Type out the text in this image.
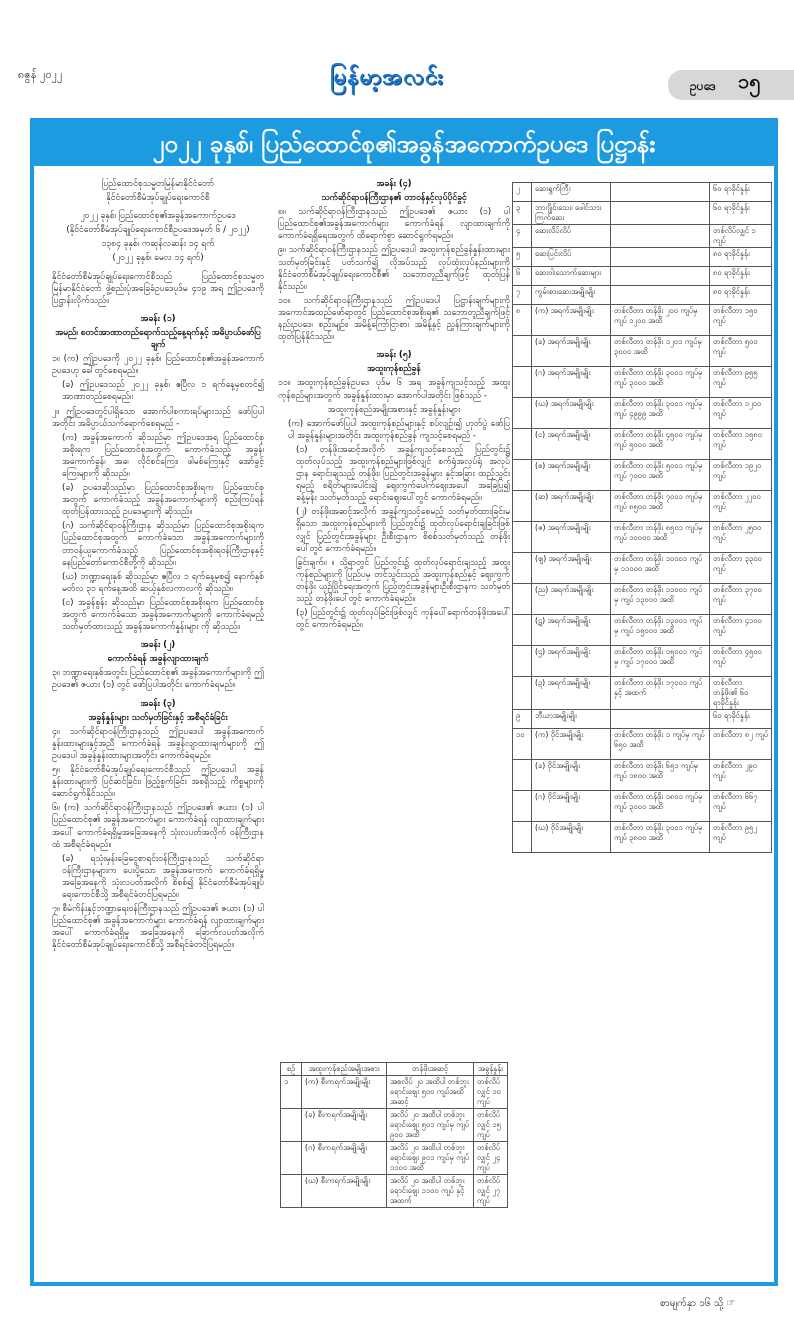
၈ဇွန် ၂၀၂၂	မြန်မာ့အလင်း	ဥပဒေ ၁၅
၂၀၂၂ ခုနှစ်၊ ပြည်ထောင်စု၏အခွန်အကောက်ဥပဒေ ပြဋ္ဌာန်း

ပြည်ထောင်စုသမ္မတမြန်မာနိုင်ငံတော်

နိုင်ငံတော်စီမံအုပ်ချုပ်ရေးကောင်စီ

၂၀၂၂ ခုနှစ်၊ ပြည်ထောင်စု၏အခွန်အကောက်ဥပဒေ

(နိုင်ငံတော်စီမံအုပ်ချုပ်ရေးကောင်စီဥပဒေအမှတ် ၆ / ၂၀၂၂)

၁၃၈၄ ခုနှစ်၊ ကဆုန်လဆန်း ၁၄ ရက်

(၂၀၂၂ ခုနှစ်၊ မေလ ၁၄ ရက်)

နိုင်ငံတော်စီမံအုပ်ချုပ်ရေးကောင်စီသည် ပြည်ထောင်စုသမ္မတမြန်မာနိုင်ငံတော် ဖွဲ့စည်းပုံအခြေခံဥပဒေပုဒ်မ ၄၁၉ အရ ဤဥပဒေကို ပြဋ္ဌာန်းလိုက်သည်။

အခန်း (၁)

အမည်၊ စတင်အာဏာတည်ရောက်သည့်နေ့ရက်နှင့် အဓိပ္ပာယ်ဖော်ပြချက်

၁။ (က) ဤဥပဒေကို ၂၀၂၂ ခုနှစ်၊ ပြည်ထောင်စု၏အခွန်အကောက်ဥပဒေဟု ခေါ်တွင်စေရမည်။

(ခ) ဤဥပဒေသည် ၂၀၂၂ ခုနှစ်၊ ဧပြီလ ၁ ရက်နေ့မှစတင်၍ အာဏာတည်စေရမည်။

၂။ ဤဥပဒေတွင်ပါရှိသော အောက်ပါစကားရပ်များသည် ဖော်ပြပါအတိုင်း အဓိပ္ပာယ်သက်ရောက်စေရမည် -

(က) အခွန်အကောက် ဆိုသည်မှာ ဤဥပဒေအရ ပြည်ထောင်စုအစိုးရက ပြည်ထောင်စုအတွက် ကောက်ခံသည့် အခွန်၊ အကောက်ခွန်၊ အခ၊ လိုင်စင်ကြေး၊ ဖါမစ်ကြေးနှင့် အော်ခွင့်ကြေးများကို ဆိုသည်။

(ခ) ဥပဒေဆိုသည်မှာ ပြည်ထောင်စုအစိုးရက ပြည်ထောင်စုအတွက် ကောက်ခံသည့် အခွန်အကောက်များကို စည်းကြပ်ရန် ထုတ်ပြန်ထားသည့် ဥပဒေများကို ဆိုသည်။

(ဂ) သက်ဆိုင်ရာဝန်ကြီးဌာန ဆိုသည်မှာ ပြည်ထောင်စုအစိုးရက ပြည်ထောင်စုအတွက် ကောက်ခံသော အခွန်အကောက်များကို တာဝန်ယူကောက်ခံသည့် ပြည်ထောင်စုအစိုးရဝန်ကြီးဌာနနှင့် နေပြည်တော်ကောင်စီတို့ကို ဆိုသည်။

(ဃ) ဘဏ္ဍာရေးနှစ် ဆိုသည်မှာ ဧပြီလ ၁ ရက်နေ့မှစ၍ နောက်နှစ် မတ်လ ၃၁ ရက်နေ့အထိ ဆယ့်နှစ်လကာလကို ဆိုသည်။

(င) အခွန်စွန်း ဆိုသည်မှာ ပြည်ထောင်စုအစိုးရက ပြည်ထောင်စုအတွက် ကောက်ခံသော အခွန်အကောက်များကို ကောက်ခံရမည့် သတ်မှတ်ထားသည့် အခွန်အကောက်နှုန်းများ ကို ဆိုသည်။

အခန်း (၂)

ကောက်ခံရန် အခွန်လျာထားချက်

၃။ ဘဏ္ဍာရေးနှစ်အတွင်း ပြည်ထောင်စု၏ အခွန်အကောက်များကို ဤဥပဒေ၏ ဇယား (၁) တွင် ဖော်ပြပါအတိုင်း ကောက်ခံရမည်။

အခန်း (၃)

အခွန်နှုန်းများ သတ်မှတ်ခြင်းနှင့် အစီရင်ခံခြင်း

၄။ သက်ဆိုင်ရာဝန်ကြီးဌာနသည် ဤဥပဒေပါ အခွန်အကောက်နှုန်းထားများနှင့်အညီ ကောက်ခံရန် အခွန်လျာထားချက်များကို ဤဥပဒေပါ အခွန်နှုန်းထားများအတိုင်း ကောက်ခံရမည်။

၅။ နိုင်ငံတော်စီမံအုပ်ချုပ်ရေးကောင်စီသည် ဤဥပဒေပါ အခွန်နှုန်းထားများကို ပြင်ဆင်ခြင်း၊ ဖြည့်စွက်ခြင်း အစရှိသည့် ကိစ္စများကို ဆောင်ရွက်နိုင်သည်။

၆။ (က) သက်ဆိုင်ရာဝန်ကြီးဌာနသည် ဤဥပဒေ၏ ဇယား (၁) ပါ ပြည်ထောင်စု၏ အခွန်အကောက်များ ကောက်ခံရန် လျာထားချက်များအပေါ် ကောက်ခံရရှိမှုအခြေအနေကို သုံးလပတ်အလိုက် ဝန်ကြီးဌာနထံ အစီရင်ခံရမည်။

(ခ) ရသုံးမှန်းခြေငွေစာရင်းဝန်ကြီးဌာနသည် သက်ဆိုင်ရာဝန်ကြီးဌာနများက ပေးပို့သော အခွန်အကောက် ကောက်ခံရရှိမှုအခြေအနေကို သုံးလပတ်အလိုက် စိစစ်၍ နိုင်ငံတော်စီမံအုပ်ချုပ်ရေးကောင်စီသို့ အစီရင်ခံတင်ပြရမည်။

၇။ စီမံကိန်းနှင့်ဘဏ္ဍာရေးဝန်ကြီးဌာနသည် ဤဥပဒေ၏ ဇယား (၁) ပါ ပြည်ထောင်စု၏ အခွန်အကောက်များ ကောက်ခံရန် လျာထားချက်များအပေါ် ကောက်ခံရရှိမှု အခြေအနေကို ခြောက်လပတ်အလိုက် နိုင်ငံတော်စီမံအုပ်ချုပ်ရေးကောင်စီသို့ အစီရင်ခံတင်ပြရမည်။

အခန်း (၄)

သက်ဆိုင်ရာဝန်ကြီးဌာန၏ တာဝန်နှင့်လုပ်ပိုင်ခွင့်

၈။ သက်ဆိုင်ရာဝန်ကြီးဌာနသည် ဤဥပဒေ၏ ဇယား (၁) ပါ ပြည်ထောင်စု၏အခွန်အကောက်များ ကောက်ခံရန် လျာထားချက်ကို ကောက်ခံရရှိရေးအတွက် ထိရောက်စွာ ဆောင်ရွက်ရမည်။

၉။ သက်ဆိုင်ရာဝန်ကြီးဌာနသည် ဤဥပဒေပါ အထူးကုန်စည်ခွန်နှုန်းထားများ သတ်မှတ်ခြင်းနှင့် ပတ်သက်၍ လိုအပ်သည့် လုပ်ထုံးလုပ်နည်းများကို နိုင်ငံတော်စီမံအုပ်ချုပ်ရေးကောင်စီ၏ သဘောတူညီချက်ဖြင့် ထုတ်ပြန်နိုင်သည်။

၁၀။ သက်ဆိုင်ရာဝန်ကြီးဌာနသည် ဤဥပဒေပါ ပြဋ္ဌာန်းချက်များကို အကောင်အထည်ဖော်ရာတွင် ပြည်ထောင်စုအစိုးရ၏ သဘောတူညီချက်ဖြင့် နည်းဥပဒေ၊ စည်းမျဉ်း၊ အမိန့်ကြော်ငြာစာ၊ အမိန့်နှင့် ညွှန်ကြားချက်များကို ထုတ်ပြန်နိုင်သည်။

အခန်း (၅)

အထူးကုန်စည်ခွန်

၁၁။ အထူးကုန်စည်ခွန်ဥပဒေ ပုဒ်မ ၆ အရ အခွန်ကျသင့်သည့် အထူးကုန်စည်များအတွက် အခွန်နှုန်းထားမှာ အောက်ပါအတိုင်း ဖြစ်သည် -

အထူးကုန်စည်အမျိုးအစားနှင့် အခွန်နှုန်းများ

(က) အောက်ဖော်ပြပါ အထူးကုန်စည်များနှင့် စပ်လျဉ်း၍ ဟုတ်ပွဲ ဖော်ပြပါ အခွန်နှုန်းများအတိုင်း အထူးကုန်စည်ခွန် ကျသင့်စေရမည် -

(၁) တန်ဖိုးအဆင့်အလိုက် အခွန်ကျသင့်စေသည့် ပြည်တွင်း၌ ထုတ်လုပ်သည့် အထူးကုန်စည်များဖြစ်လျှင် စက်ရုံအလုပ်ရုံ အလုပ်ဌာန ရောင်းချသည့် တန်ဖိုး၊ ပြည်တွင်းအခွန်များ နှင့်အခြား ထည့်သွင်းရမည့် စရိတ်များပေါင်း၍ ဈေးကွက်ပေါက်ဈေးအပေါ် အခြေပြု၍ ခန့်မှန်း သတ်မှတ်သည့် ရောင်းဈေးပေါ်တွင် ကောက်ခံရမည်။

(၂) တန်ဖိုးအဆင့်အလိုက် အခွန်ကျသင့်စေမည့် သတ်မှတ်ထားခြင်းမရှိသော အထူးကုန်စည်များကို ပြည်တွင်း၌ ထုတ်လုပ်ရောင်းချခြင်းဖြစ်လျှင် ပြည်တွင်းအခွန်များ ဦးစီးဌာနက စိစစ်သတ်မှတ်သည့် တန်ဖိုးပေါ်တွင် ကောက်ခံရမည်။

ခြွင်းချက်။ ။ သို့ရာတွင် ပြည်တွင်း၌ ထုတ်လုပ်ရောင်းချသည့် အထူးကုန်စည်များကို ပြည်ပမှ တင်သွင်းသည့် အထူးကုန်စည်နှင့် ဈေးကွက်တန်ဖိုး ယှဉ်ပြိုင်ရေးအတွက် ပြည်တွင်းအခွန်များဦးစီးဌာနက သတ်မှတ်သည့် တန်ဖိုးပေါ်တွင် ကောက်ခံရမည်။

(၃) ပြည်တွင်း၌ ထုတ်လုပ်ခြင်းဖြစ်လျှင် ကုန်ပေါ်ရောက်တန်ဖိုးအပေါ်တွင် ကောက်ခံရမည်။

စဉ်	အထူးကုန်စည်အမျိုးအစား	တန်ဖိုးအဆင့်	အခွန်နှုန်း
၁	(က) စီးကရက်အမျိုးမျိုး	အစလိပ် ၂၀ အထိပါ တစ်ဘူး ရောင်းဈေး ၅၀၀ ကျပ်အထိ အဆင့်	တစ်လိပ်လျှင် ၁၀ ကျပ်
	(ခ) စီးကရက်အမျိုးမျိုး	အလိပ် ၂၀ အထိပါ တစ်ဘူး ရောင်းဈေး ၅၀၁ ကျပ်မှ ကျပ် ၉၀၀ အထိ	တစ်လိပ်လျှင် ၁၅ ကျပ်
	(ဂ) စီးကရက်အမျိုးမျိုး	အလိပ် ၂၀ အထိပါ တစ်ဘူး ရောင်းဈေး ၉၀၁ ကျပ်မှ ကျပ် ၁၁၀၀ အထိ	တစ်လိပ်လျှင် ၂၄ ကျပ်
	(ဃ) စီးကရက်အမျိုးမျိုး	အလိပ် ၂၀ အထိပါ တစ်ဘူး ရောင်းဈေး ၁၁၀၀ ကျပ် နှင့်အထက်	တစ်လိပ်လျှင် ၂၇ ကျပ်
၂	ဆေးရွက်ကြီး		၆၀ ရာခိုင်နှုန်း
၃	ဘာဂျိုင်းသေး၊ ဖေါင်သားကြက်ဆေး		၆၀ ရာခိုင်နှုန်း
၄	ဆေးလိပ်လိပ်		တစ်လိပ်လျှင် ၁ ကျပ်
၅	ဆေးပြင်းလိပ်		၈၀ ရာခိုင်နှုန်း
၆	ဆေးဝါးသောက်ဆေးများ		၈၀ ရာခိုင်နှုန်း
၇	ကွမ်းစားဆေးအမျိုးမျိုး		၈၀ ရာခိုင်နှုန်း
၈	(က) အရက်အမျိုးမျိုး	တစ်လီတာ တန်ဖိုး ၂၀၀ ကျပ်မှ ကျပ် ၁၂၀၀ အထိ	တစ်လီတာ ၁၅၀ ကျပ်
	(ခ) အရက်အမျိုးမျိုး	တစ်လီတာ တန်ဖိုး ၁၂၀၁ ကျပ်မှ ၃၀၀၀ အထိ	တစ်လီတာ ၅၀၀ ကျပ်
	(ဂ) အရက်အမျိုးမျိုး	တစ်လီတာ တန်ဖိုး ၃၀၀၁ ကျပ်မှ ကျပ် ၃၀၀၀ အထိ	တစ်လီတာ ၉၅၅ ကျပ်
	(ဃ) အရက်အမျိုးမျိုး	တစ်လီတာ တန်ဖိုး ၃၀၀၁ ကျပ်မှ ကျပ် ၄၉၉၉ အထိ	တစ်လီတာ ၁၂၀၀ ကျပ်
	(င) အရက်အမျိုးမျိုး	တစ်လီတာ တန်ဖိုး ၄၅၀၀ ကျပ်မှ ကျပ် ၅၀၀၀ အထိ	တစ်လီတာ ၁၅၈၀ ကျပ်
	(စ) အရက်အမျိုးမျိုး	တစ်လီတာ တန်ဖိုး ၅၀၀၁ ကျပ်မှ ကျပ် ၇၀၀၀ အထိ	တစ်လီတာ ၁၉၂၀ ကျပ်
	(ဆ) အရက်အမျိုးမျိုး	တစ်လီတာ တန်ဖိုး ၇၀၀၁ ကျပ်မှ ကျပ် ၈၅၀၀ အထိ	တစ်လီတာ ၂၂၀၀ ကျပ်
	(ဇ) အရက်အမျိုးမျိုး	တစ်လီတာ တန်ဖိုး ၈၅၀၁ ကျပ်မှ ကျပ် ၁၀၀၀၀ အထိ	တစ်လီတာ ၂၅၀၀ ကျပ်
	(ဈ) အရက်အမျိုးမျိုး	တစ်လီတာ တန်ဖိုး ၁၀၀၀၁ ကျပ်မှ ၁၁၀၀၀ အထိ	တစ်လီတာ ၃၃၀၀ ကျပ်
	(ည) အရက်အမျိုးမျိုး	တစ်လီတာ တန်ဖိုး ၁၁၀၀၁ ကျပ်မှ ကျပ် ၁၃၀၀၀ အထိ	တစ်လီတာ ၃၇၀၀ ကျပ်
	(ဋ) အရက်အမျိုးမျိုး	တစ်လီတာ တန်ဖိုး ၁၃၀၀၁ ကျပ်မှ ကျပ် ၁၅၀၀၀ အထိ	တစ်လီတာ ၄၁၀၀ ကျပ်
	(ဌ) အရက်အမျိုးမျိုး	တစ်လီတာ တန်ဖိုး ၁၅၀၀၁ ကျပ်မှ ကျပ် ၁၇၀၀၀ အထိ	တစ်လီတာ ၄၅၀၀ ကျပ်
	(ဍ) အရက်အမျိုးမျိုး	တစ်လီတာ တန်ဖိုး ၁၇၀၀၁ ကျပ်နှင့် အထက်	တစ်လီတာ တန်ဖိုး၏ ၆၀ ရာခိုင်နှုန်း
၉	ဘီယာအမျိုးမျိုး		၆၀ ရာခိုင်နှုန်း
၁၀	(က) ဝိုင်အမျိုးမျိုး	တစ်လီတာ တန်ဖိုး ၁ ကျပ်မှ ကျပ် ၆၅၀ အထိ	တစ်လီတာ ၈၂ ကျပ်
	(ခ) ဝိုင်အမျိုးမျိုး	တစ်လီတာ တန်ဖိုး ၆၅၁ ကျပ်မှ ကျပ် ၁၈၀၀ အထိ	တစ်လီတာ ၂၉၀ ကျပ်
	(ဂ) ဝိုင်အမျိုးမျိုး	တစ်လီတာ တန်ဖိုး ၁၈၀၁ ကျပ်မှ ကျပ် ၃၀၀၀ အထိ	တစ်လီတာ ၆၆၇ ကျပ်
	(ဃ) ဝိုင်အမျိုးမျိုး	တစ်လီတာ တန်ဖိုး ၃၀၀၁ ကျပ်မှ ကျပ် ၃၈၀၀ အထိ	တစ်လီတာ ၉၅၂ ကျပ်
စာမျက်နှာ ၁၆ သို့ ☞
